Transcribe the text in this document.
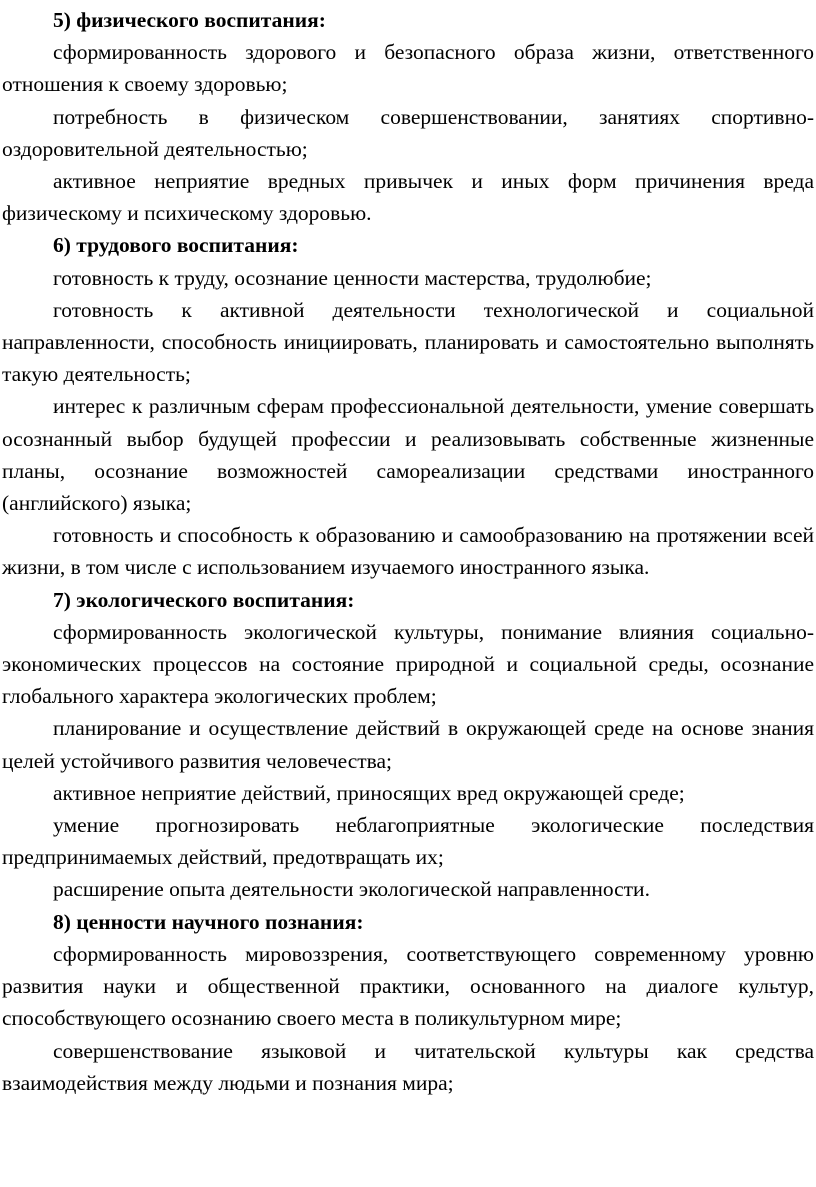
5) физического воспитания:

сформированность здорового и безопасного образа жизни, ответственного отношения к своему здоровью;

потребность в физическом совершенствовании, занятиях спортивно-оздоровительной деятельностью;

активное неприятие вредных привычек и иных форм причинения вреда физическому и психическому здоровью.

6) трудового воспитания:

готовность к труду, осознание ценности мастерства, трудолюбие;

готовность к активной деятельности технологической и социальной направленности, способность инициировать, планировать и самостоятельно выполнять такую деятельность;

интерес к различным сферам профессиональной деятельности, умение совершать осознанный выбор будущей профессии и реализовывать собственные жизненные планы, осознание возможностей самореализации средствами иностранного (английского) языка;

готовность и способность к образованию и самообразованию на протяжении всей жизни, в том числе с использованием изучаемого иностранного языка.

7) экологического воспитания:

сформированность экологической культуры, понимание влияния социально-экономических процессов на состояние природной и социальной среды, осознание глобального характера экологических проблем;

планирование и осуществление действий в окружающей среде на основе знания целей устойчивого развития человечества;

активное неприятие действий, приносящих вред окружающей среде;

умение прогнозировать неблагоприятные экологические последствия предпринимаемых действий, предотвращать их;

расширение опыта деятельности экологической направленности.

8) ценности научного познания:

сформированность мировоззрения, соответствующего современному уровню развития науки и общественной практики, основанного на диалоге культур, способствующего осознанию своего места в поликультурном мире;

совершенствование языковой и читательской культуры как средства взаимодействия между людьми и познания мира;
